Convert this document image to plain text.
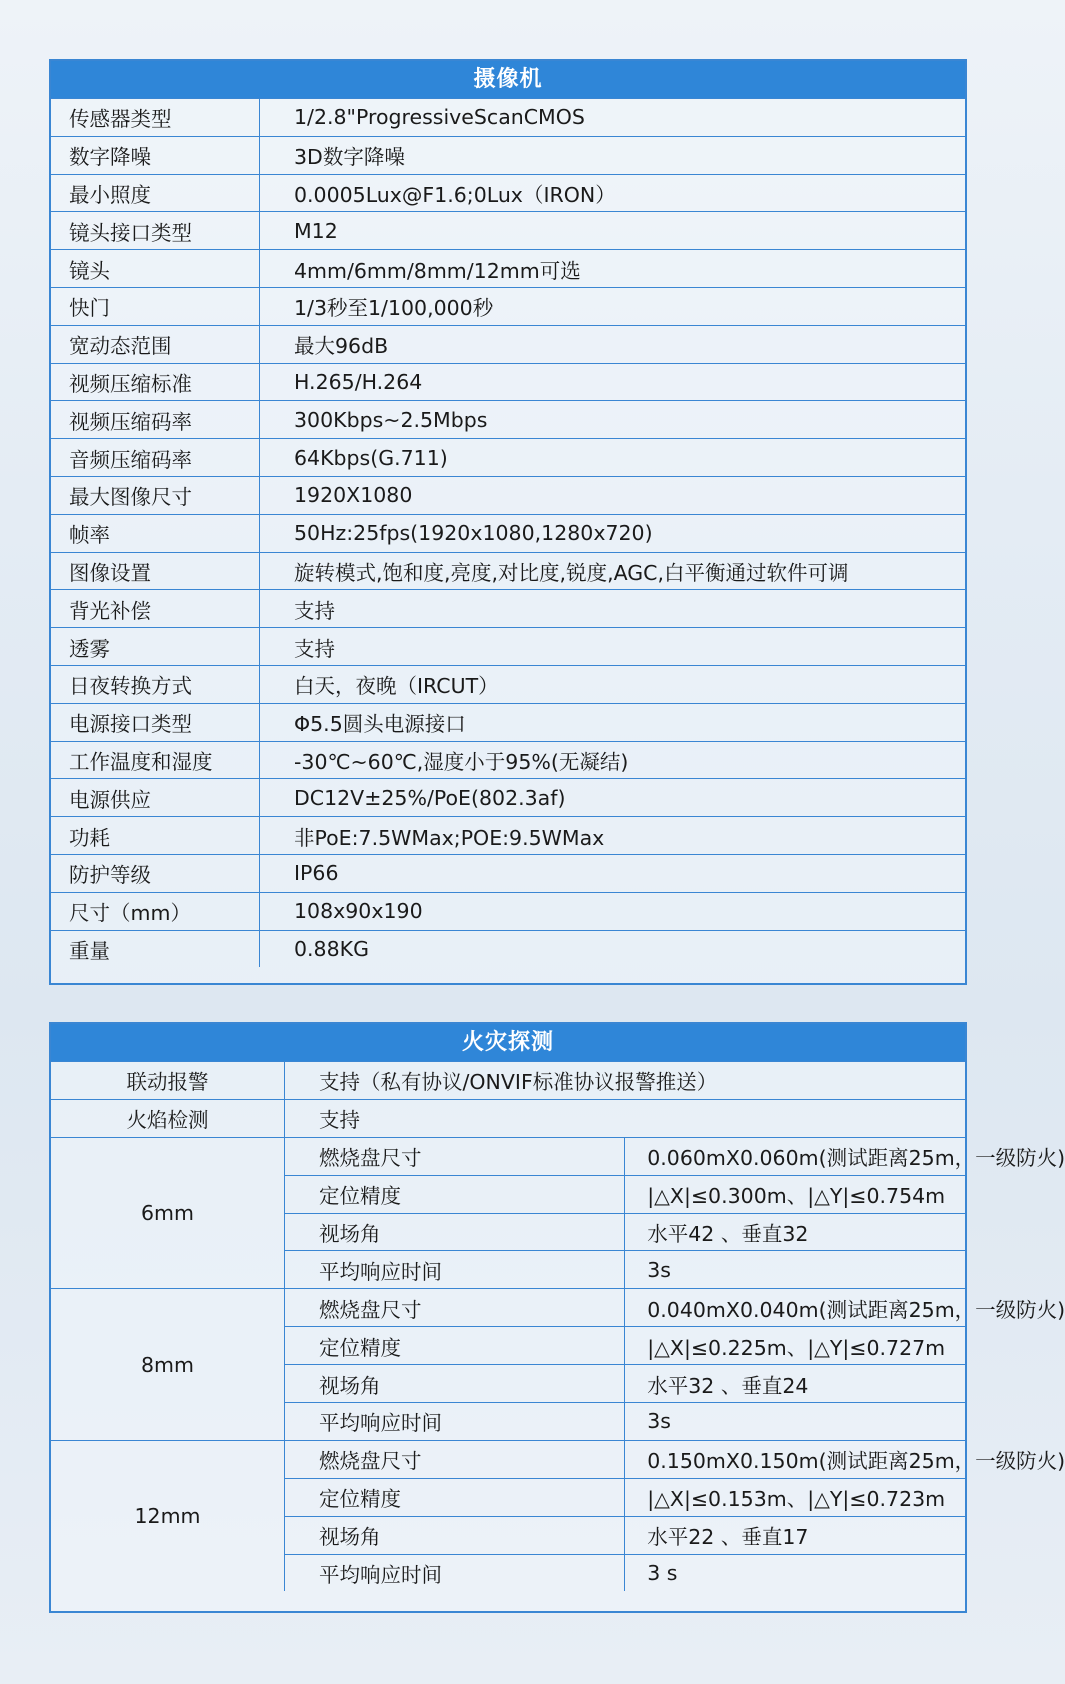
摄像机
传感器类型	1/2.8"ProgressiveScanCMOS
数字降噪	3D数字降噪
最小照度	0.0005Lux@F1.6;0Lux（IRON）
镜头接口类型	M12
镜头	4mm/6mm/8mm/12mm可选
快门	1/3秒至1/100,000秒
宽动态范围	最大96dB
视频压缩标准	H.265/H.264
视频压缩码率	300Kbps~2.5Mbps
音频压缩码率	64Kbps(G.711)
最大图像尺寸	1920X1080
帧率	50Hz:25fps(1920x1080,1280x720)
图像设置	旋转模式,饱和度,亮度,对比度,锐度,AGC,白平衡通过软件可调
背光补偿	支持
透雾	支持
日夜转换方式	白天，夜晚（IRCUT）
电源接口类型	Φ5.5圆头电源接口
工作温度和湿度	-30℃~60℃,湿度小于95%(无凝结)
电源供应	DC12V±25%/PoE(802.3af)
功耗	非PoE:7.5WMax;POE:9.5WMax
防护等级	IP66
尺寸（mm）	108x90x190
重量	0.88KG
火灾探测
联动报警	支持（私有协议/ONVIF标准协议报警推送）	
火焰检测	支持	
6mm	燃烧盘尺寸	0.060mX0.060m(测试距离25m，一级防火)
	定位精度	|△X|≤0.300m、|△Y|≤0.754m
	视场角	水平42 、垂直32
	平均响应时间	3s
8mm	燃烧盘尺寸	0.040mX0.040m(测试距离25m，一级防火)
	定位精度	|△X|≤0.225m、|△Y|≤0.727m
	视场角	水平32 、垂直24
	平均响应时间	3s
12mm	燃烧盘尺寸	0.150mX0.150m(测试距离25m，一级防火)
	定位精度	|△X|≤0.153m、|△Y|≤0.723m
	视场角	水平22 、垂直17
	平均响应时间	3 s
